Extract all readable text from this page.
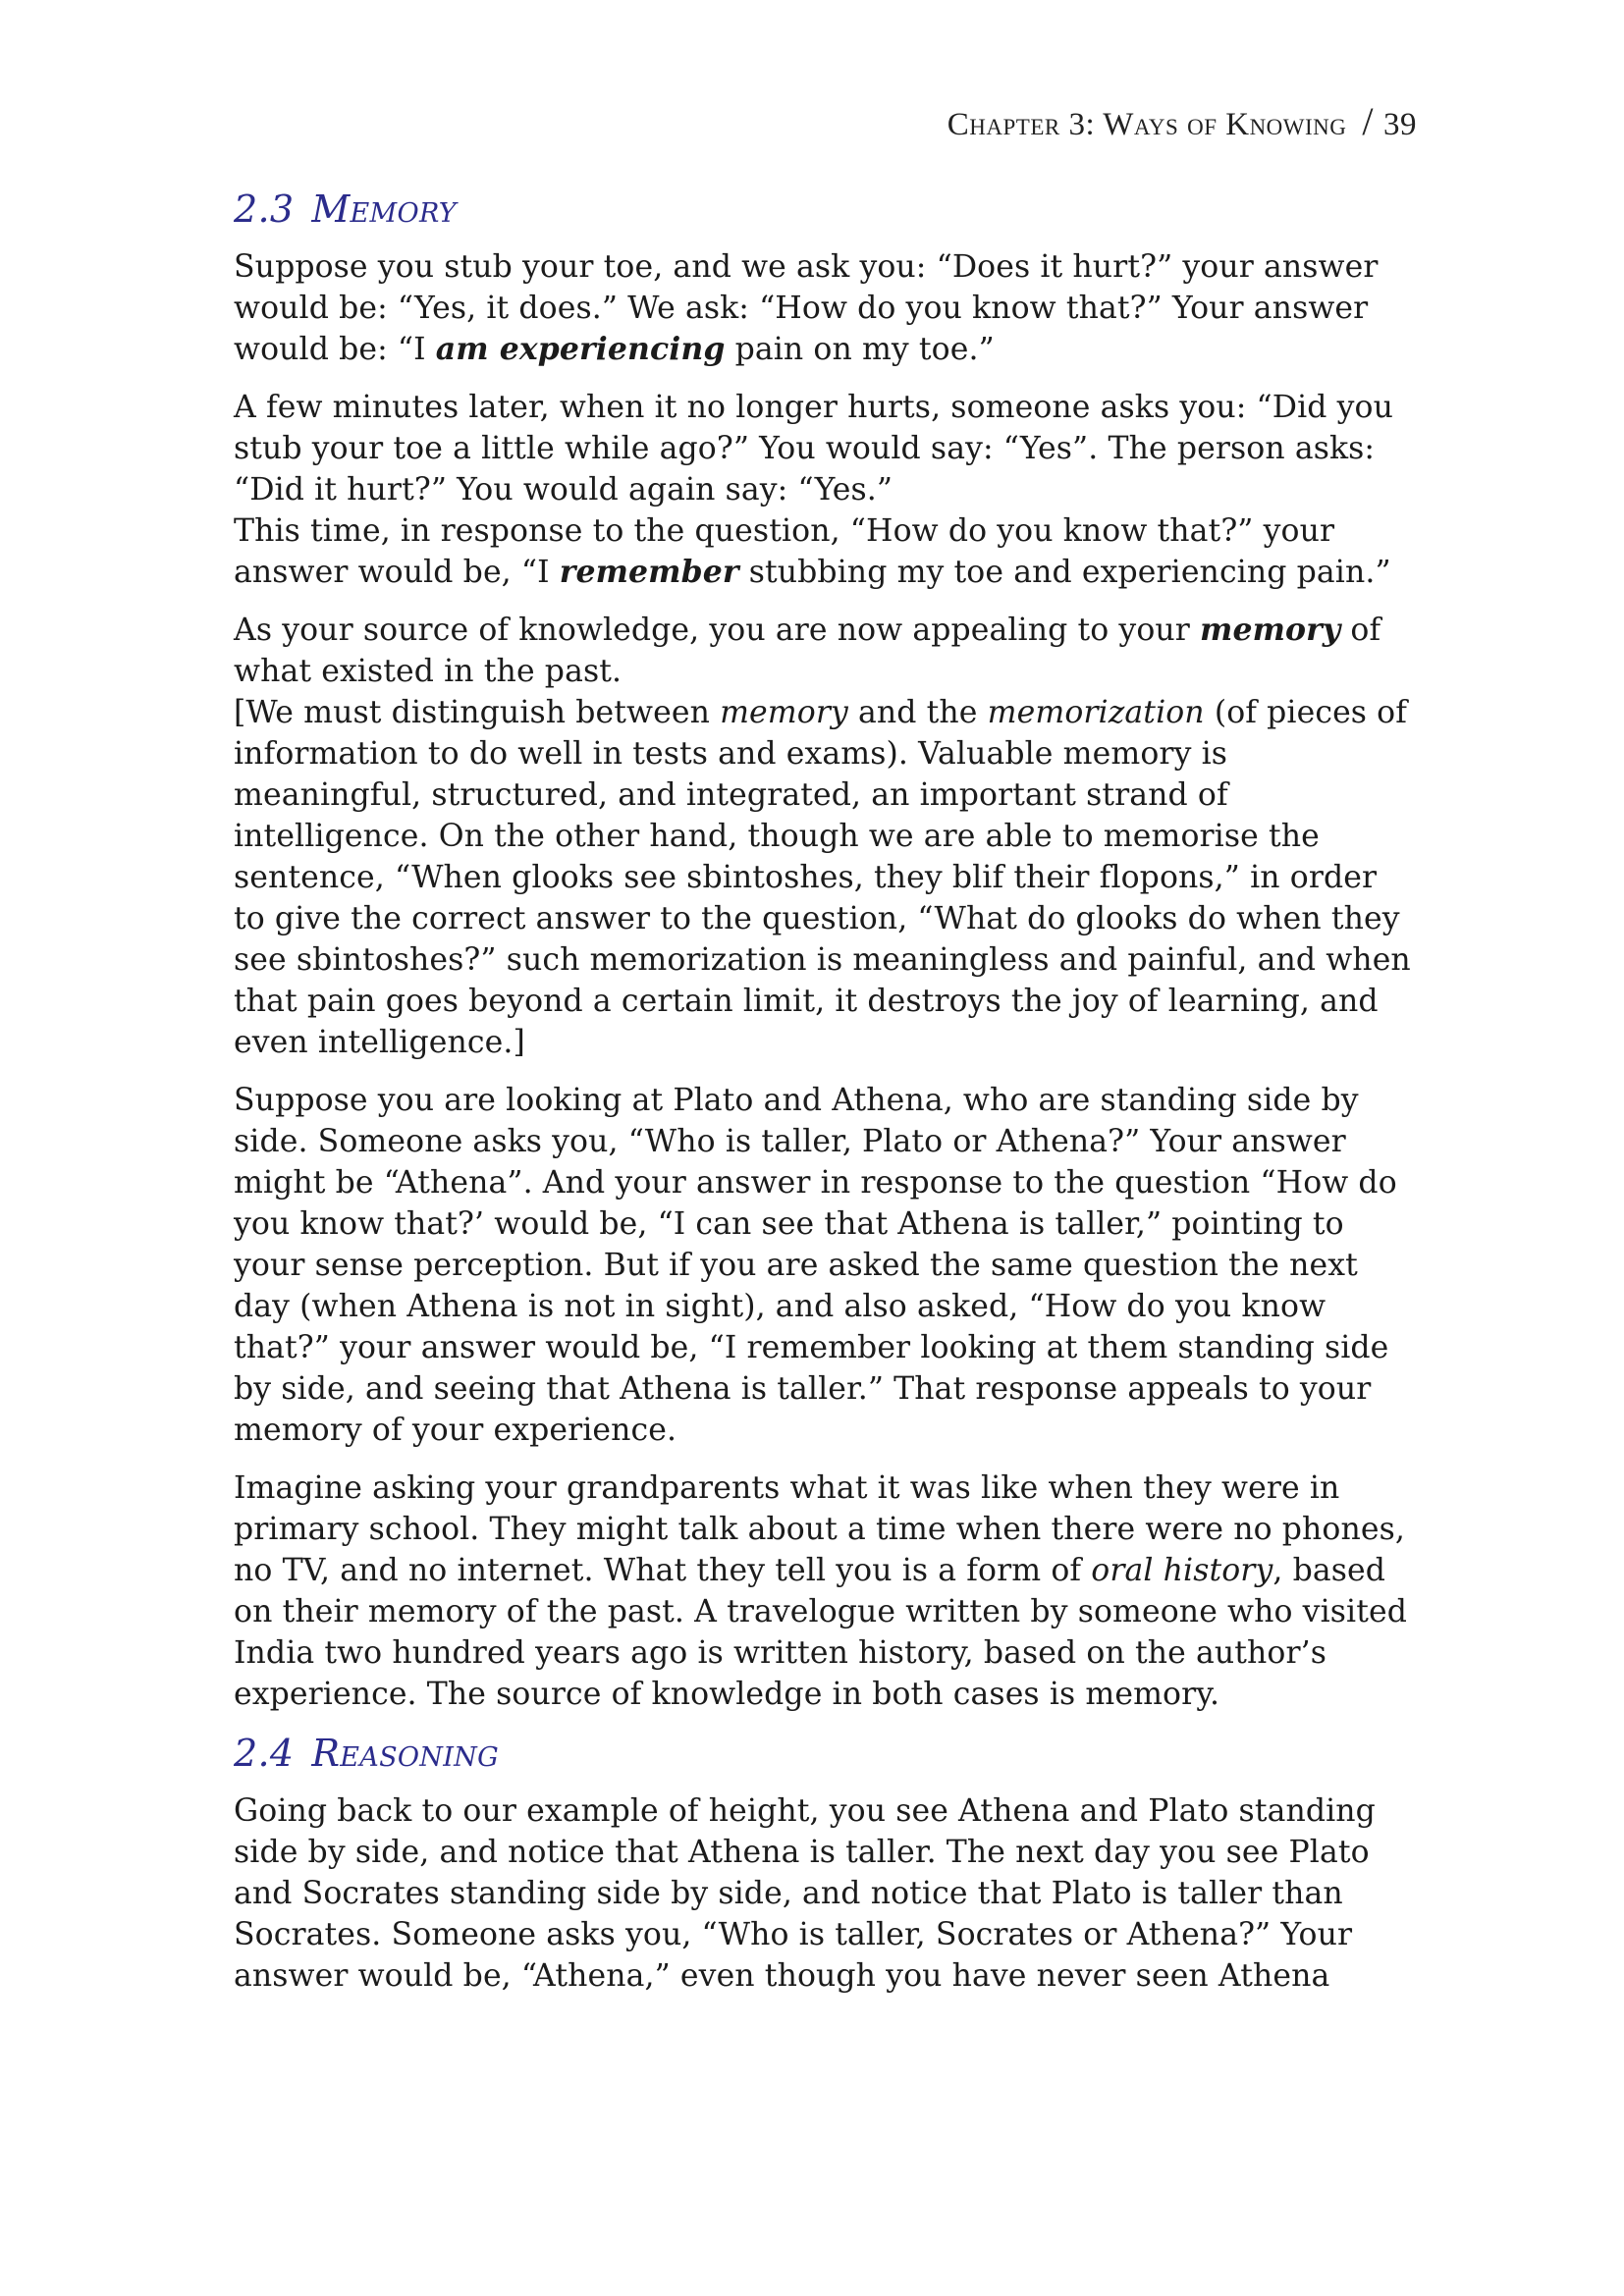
Chapter 3: Ways of Knowing / 39
2.3 Memory

Suppose you stub your toe, and we ask you: “Does it hurt?” your answer would be: “Yes, it does.” We ask: “How do you know that?” Your answer would be: “I am experiencing pain on my toe.”

A few minutes later, when it no longer hurts, someone asks you: “Did you stub your toe a little while ago?” You would say: “Yes”. The person asks: “Did it hurt?” You would again say: “Yes.”

This time, in response to the question, “How do you know that?” your answer would be, “I remember stubbing my toe and experiencing pain.”

As your source of knowledge, you are now appealing to your memory of what existed in the past.

[We must distinguish between memory and the memorization (of pieces of information to do well in tests and exams). Valuable memory is meaningful, structured, and integrated, an important strand of intelligence. On the other hand, though we are able to memorise the sentence, “When glooks see sbintoshes, they blif their flopons,” in order to give the correct answer to the question, “What do glooks do when they see sbintoshes?” such memorization is meaningless and painful, and when that pain goes beyond a certain limit, it destroys the joy of learning, and even intelligence.]

Suppose you are looking at Plato and Athena, who are standing side by side. Someone asks you, “Who is taller, Plato or Athena?” Your answer might be “Athena”. And your answer in response to the question “How do you know that?’ would be, “I can see that Athena is taller,” pointing to your sense perception. But if you are asked the same question the next day (when Athena is not in sight), and also asked, “How do you know that?” your answer would be, “I remember looking at them standing side by side, and seeing that Athena is taller.” That response appeals to your memory of your experience.

Imagine asking your grandparents what it was like when they were in primary school. They might talk about a time when there were no phones, no TV, and no internet. What they tell you is a form of oral history, based on their memory of the past. A travelogue written by someone who visited India two hundred years ago is written history, based on the author’s experience. The source of knowledge in both cases is memory.

2.4 Reasoning

Going back to our example of height, you see Athena and Plato standing side by side, and notice that Athena is taller. The next day you see Plato and Socrates standing side by side, and notice that Plato is taller than Socrates. Someone asks you, “Who is taller, Socrates or Athena?” Your answer would be, “Athena,” even though you have never seen Athena
